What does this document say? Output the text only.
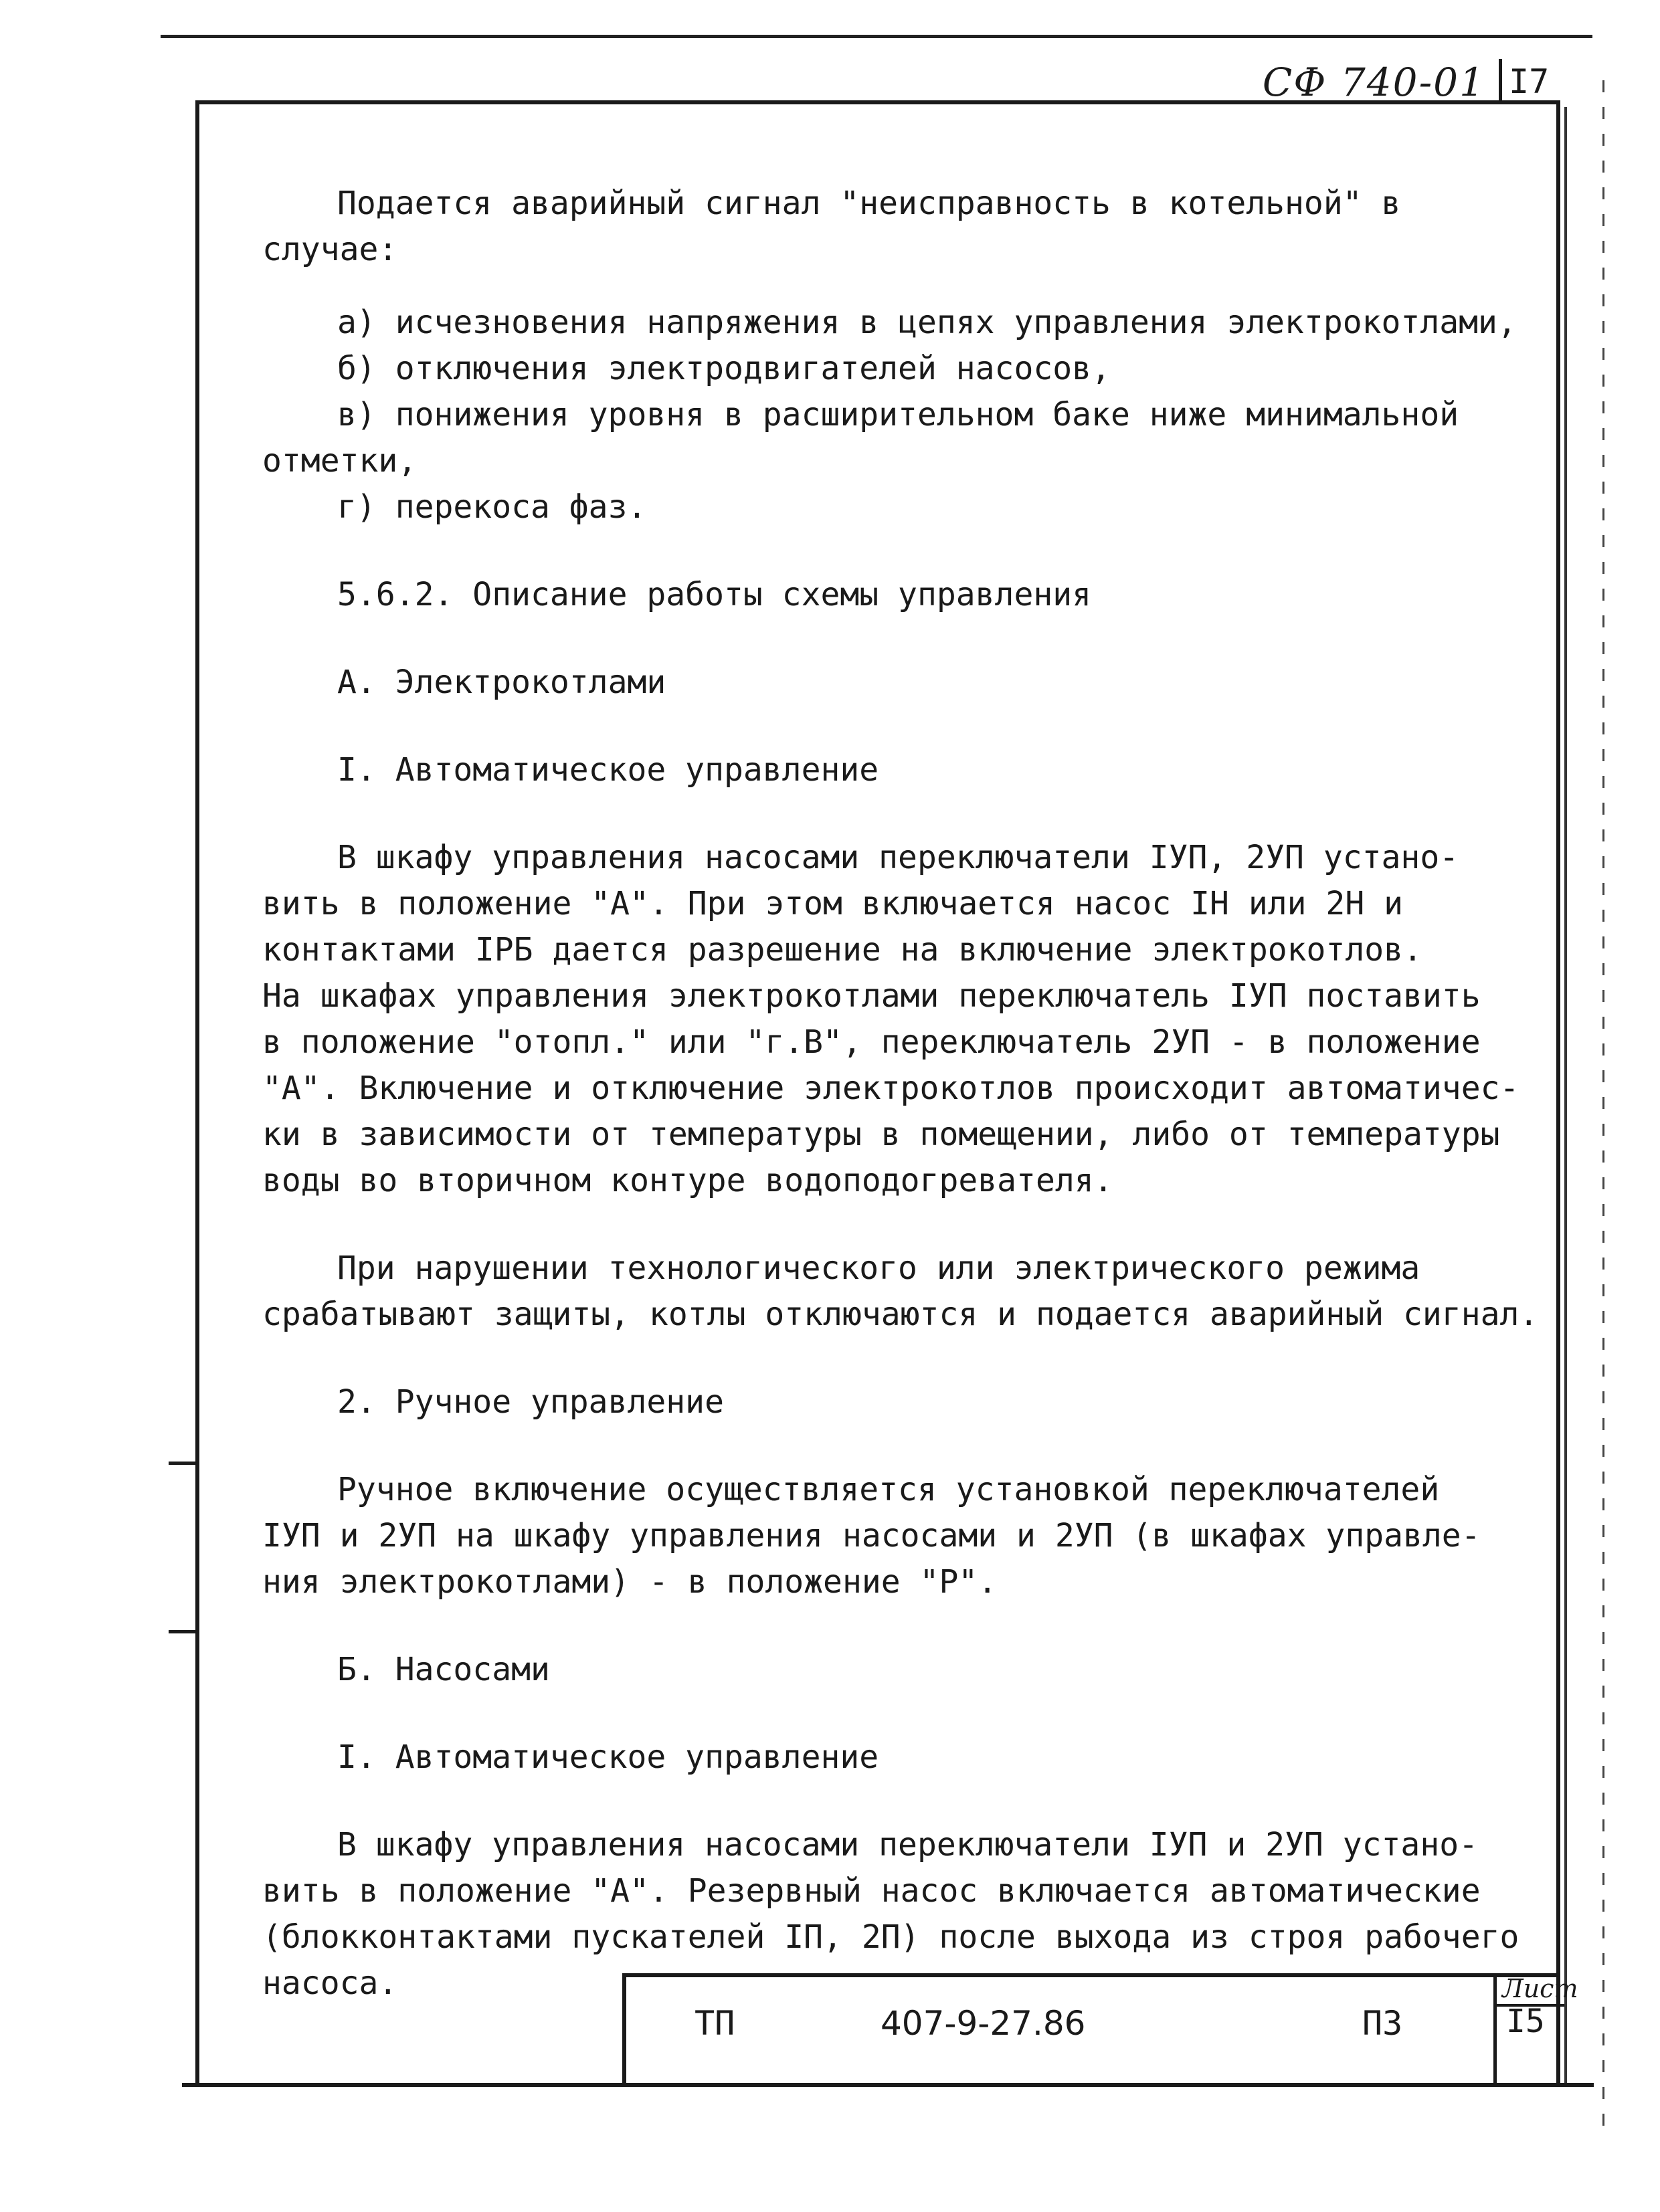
СФ 740-01 I7

Подается аварийный сигнал "неисправность в котельной" в

случае:

а) исчезновения напряжения в цепях управления электрокотлами,

б) отключения электродвигателей насосов,

в) понижения уровня в расширительном баке ниже минимальной

отметки,

г) перекоса фаз.

5.6.2. Описание работы схемы управления

А. Электрокотлами

I. Автоматическое управление

В шкафу управления насосами переключатели IУП, 2УП устано-

вить в положение "А". При этом включается насос IН или 2Н и

контактами IРБ дается разрешение на включение электрокотлов.

На шкафах управления электрокотлами переключатель IУП поставить

в положение "отопл." или "г.В", переключатель 2УП - в положение

"А". Включение и отключение электрокотлов происходит автоматичес-

ки в зависимости от температуры в помещении, либо от температуры

воды во вторичном контуре водоподогревателя.

При нарушении технологического или электрического режима

срабатывают защиты, котлы отключаются и подается аварийный сигнал.

2. Ручное управление

Ручное включение осуществляется установкой переключателей

IУП и 2УП на шкафу управления насосами и 2УП (в шкафах управле-

ния электрокотлами) - в положение "Р".

Б. Насосами

I. Автоматическое управление

В шкафу управления насосами переключатели IУП и 2УП устано-

вить в положение "А". Резервный насос включается автоматические

(блокконтактами пускателей IП, 2П) после выхода из строя рабочего

насоса.

ТП	407-9-27.86	ПЗ
Лист
I5
